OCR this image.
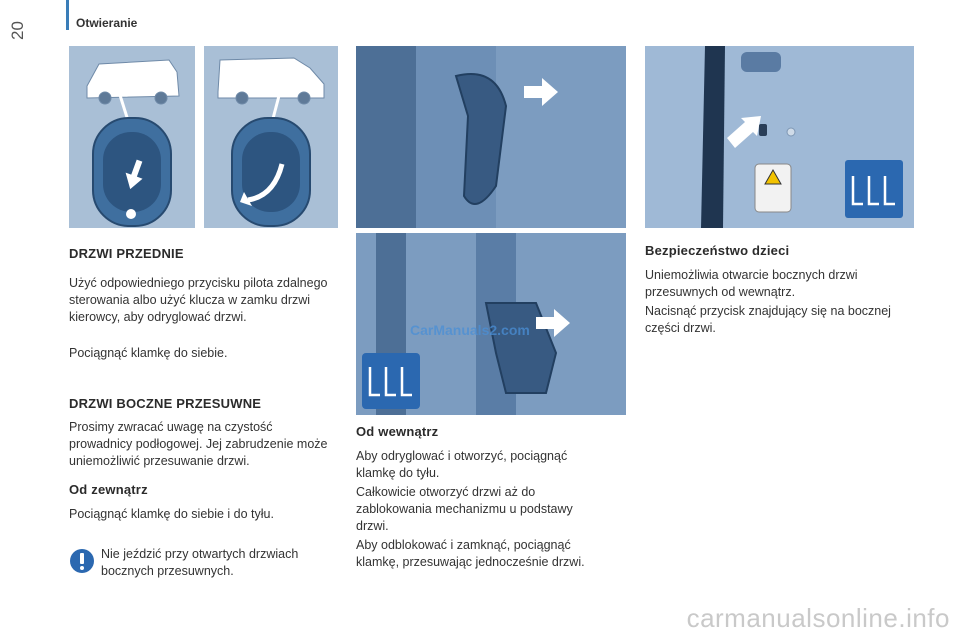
20	Otwieranie
CarManuals2.com
DRZWI PRZEDNIE

Użyć odpowiedniego przycisku pilota zdalnego sterowania albo użyć klucza w zamku drzwi kierowcy, aby odryglować drzwi.

Pociągnąć klamkę do siebie.

DRZWI BOCZNE PRZESUWNE

Prosimy zwracać uwagę na czystość prowadnicy podłogowej. Jej zabrudzenie może uniemożliwić przesuwanie drzwi.

Od zewnątrz

Pociągnąć klamkę do siebie i do tyłu.

Nie jeździć przy otwartych drzwiach bocznych przesuwnych.

Od wewnątrz

Aby odryglować i otworzyć, pociągnąć klamkę do tyłu.

Całkowicie otworzyć drzwi aż do zablokowania mechanizmu u podstawy drzwi.

Aby odblokować i zamknąć, pociągnąć klamkę, przesuwając jednocześnie drzwi.

Bezpieczeństwo dzieci

Uniemożliwia otwarcie bocznych drzwi przesuwnych od wewnątrz.

Nacisnąć przycisk znajdujący się na bocznej części drzwi.

carmanualsonline.info
